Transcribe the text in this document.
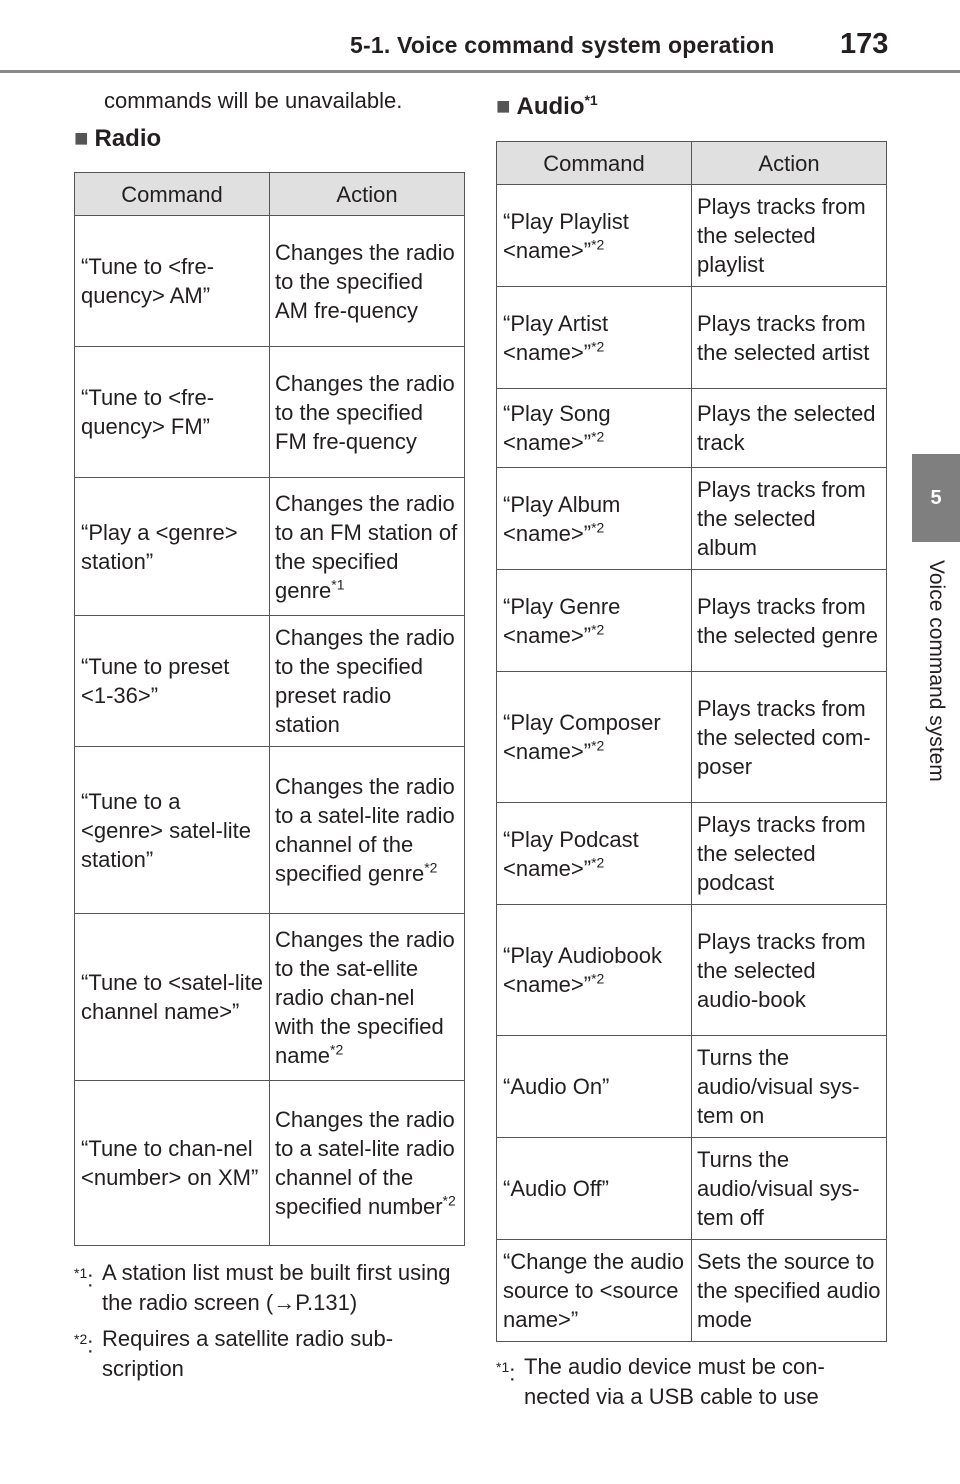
5-1. Voice command system operation 173
5
Voice command system
commands will be unavailable.
■ Radio
Command	Action
“Tune to <fre-quency> AM”	Changes the radio to the specified AM fre-quency
“Tune to <fre-quency> FM”	Changes the radio to the specified FM fre-quency
“Play a <genre> station”	Changes the radio to an FM station of the specified genre$^{*1}$
“Tune to preset <1-36>”	Changes the radio to the specified preset radio station
“Tune to a <genre> satel-lite station”	Changes the radio to a satel-lite radio channel of the specified genre$^{*2}$
“Tune to <satel-lite channel name>”	Changes the radio to the sat-ellite radio chan-nel with the specified name$^{*2}$
“Tune to chan-nel <number> on XM”	Changes the radio to a satel-lite radio channel of the specified number$^{*2}$
$^{*1}$: A station list must be built first using the radio screen (→P.131)
$^{*2}$: Requires a satellite radio sub-scription
■ Audio$^{*1}$
Command	Action
“Play Playlist <name>”$^{*2}$	Plays tracks from the selected playlist
“Play Artist <name>”$^{*2}$	Plays tracks from the selected artist
“Play Song <name>”$^{*2}$	Plays the selected track
“Play Album <name>”$^{*2}$	Plays tracks from the selected album
“Play Genre <name>”$^{*2}$	Plays tracks from the selected genre
“Play Composer <name>”$^{*2}$	Plays tracks from the selected com-poser
“Play Podcast <name>”$^{*2}$	Plays tracks from the selected podcast
“Play Audiobook <name>”$^{*2}$	Plays tracks from the selected audio-book
“Audio On”	Turns the audio/visual sys-tem on
“Audio Off”	Turns the audio/visual sys-tem off
“Change the audio source to <source name>”	Sets the source to the specified audio mode
$^{*1}$: The audio device must be con-nected via a USB cable to use
